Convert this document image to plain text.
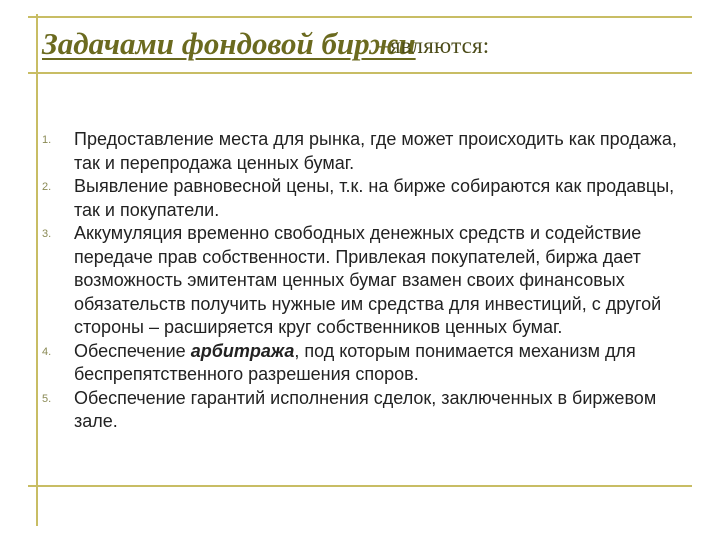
Задачами фондовой биржи
являются:
1.	Предоставление места для рынка, где может происходить как продажа, так и перепродажа ценных бумаг.
2.	Выявление равновесной цены, т.к. на бирже собираются как продавцы, так и покупатели.
3.	Аккумуляция временно свободных денежных средств и содействие передаче прав собственности. Привлекая покупателей, биржа дает возможность эмитентам ценных бумаг взамен своих финансовых обязательств получить нужные им средства для инвестиций, с другой стороны – расширяется круг собственников ценных бумаг.
4.	Обеспечение арбитража, под которым понимается механизм для беспрепятственного разрешения споров.
5.	Обеспечение гарантий исполнения сделок, заключенных в биржевом зале.
